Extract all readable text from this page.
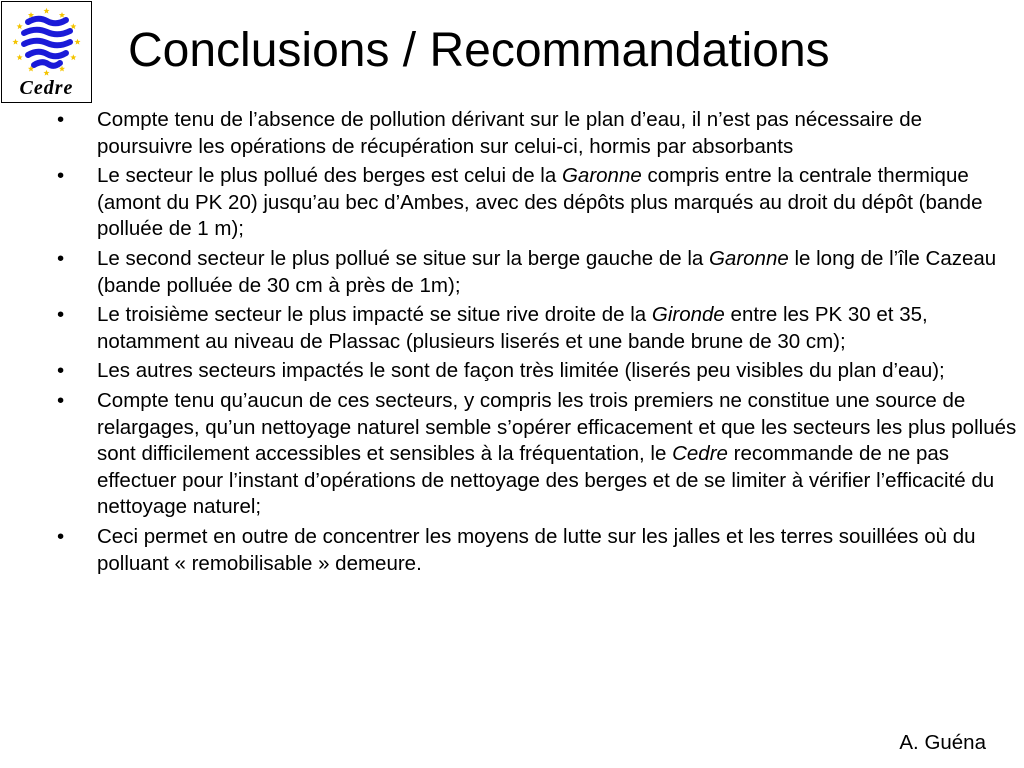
Cedre
Conclusions / Recommandations
• Compte tenu de l’absence de pollution dérivant sur le plan d’eau, il n’est pas nécessaire de poursuivre les opérations de récupération sur celui-ci, hormis par absorbants
• Le secteur le plus pollué des berges est celui de la Garonne compris entre la centrale thermique (amont du PK 20) jusqu’au bec d’Ambes, avec des dépôts plus marqués au droit du dépôt (bande polluée de 1 m);
• Le second secteur le plus pollué se situe sur la berge gauche de la Garonne le long de l’île Cazeau (bande polluée de 30 cm à près de 1m);
• Le troisième secteur le plus impacté se situe rive droite de la Gironde entre les PK 30 et 35, notamment au niveau de Plassac (plusieurs liserés et une bande brune de 30 cm);
• Les autres secteurs impactés le sont de façon très limitée (liserés peu visibles du plan d’eau);
• Compte tenu qu’aucun de ces secteurs, y compris les trois premiers ne constitue une source de relargages, qu’un nettoyage naturel semble s’opérer efficacement et que les secteurs les plus pollués sont difficilement accessibles et sensibles à la fréquentation, le Cedre recommande de ne pas effectuer pour l’instant d’opérations de nettoyage des berges et de se limiter à vérifier l’efficacité du nettoyage naturel;
• Ceci permet en outre de concentrer les moyens de lutte sur les jalles et les terres souillées où du polluant « remobilisable » demeure.
A. Guéna
